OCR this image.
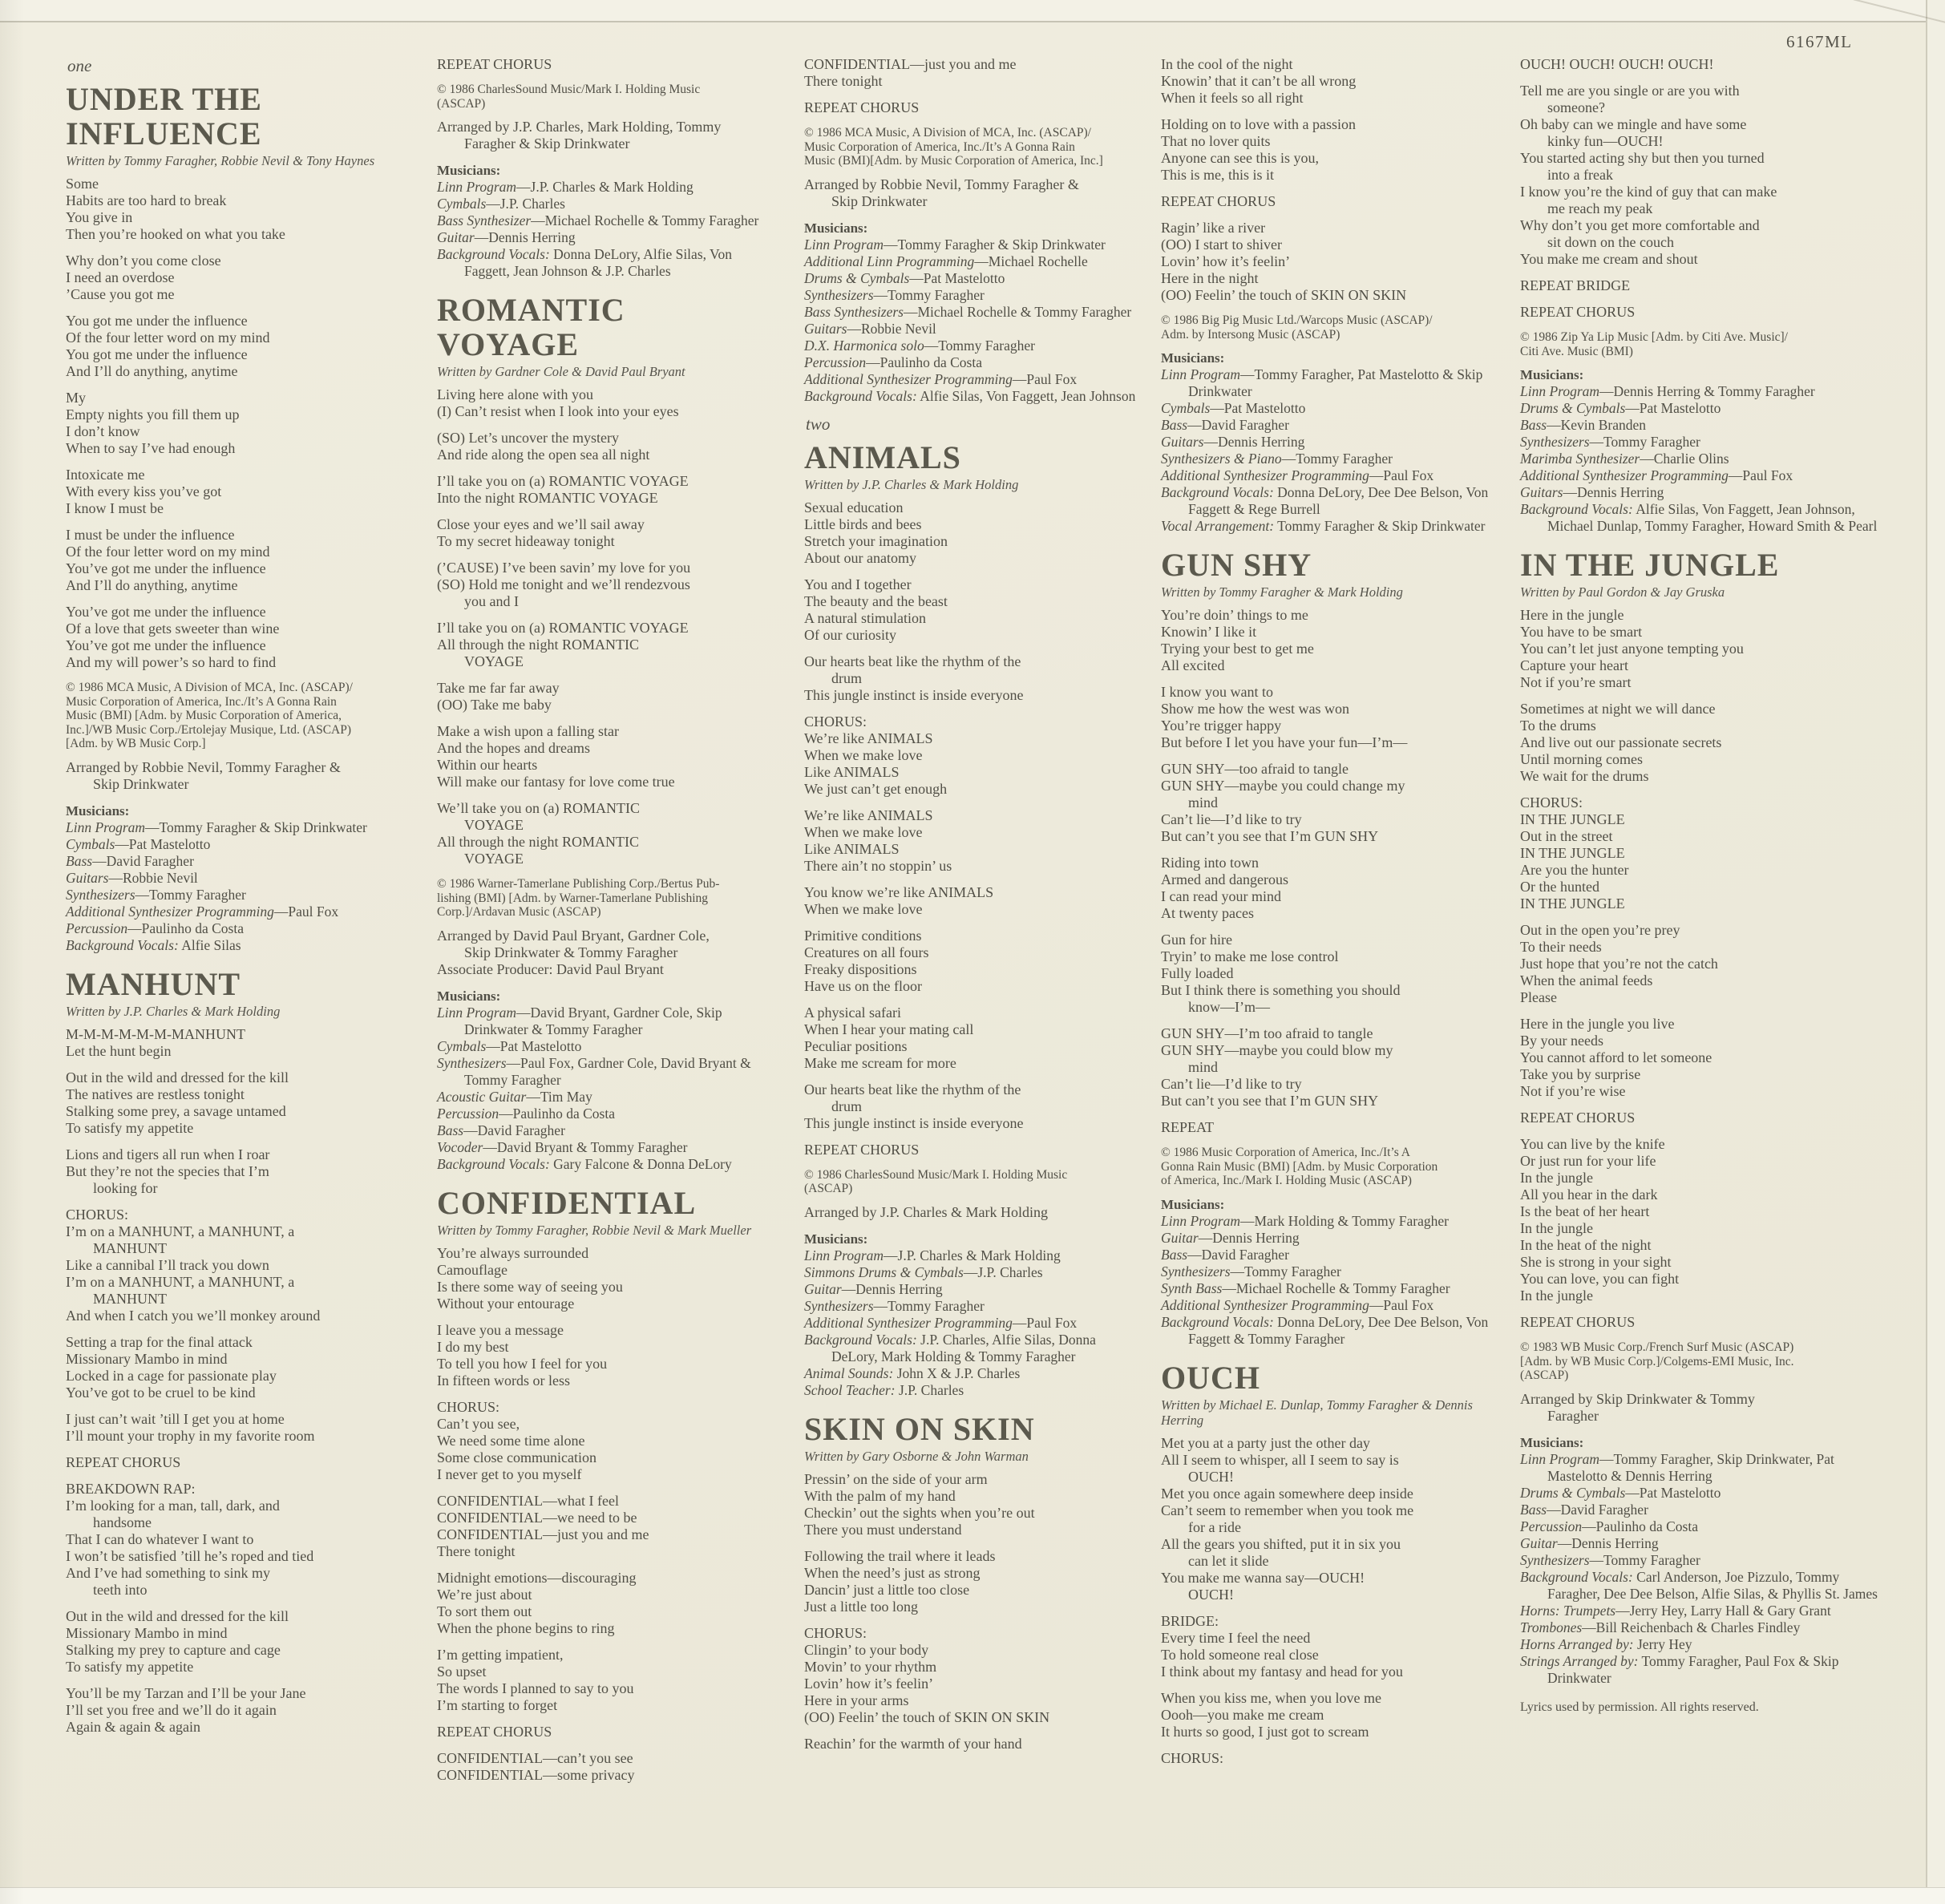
6167ML
one
UNDER THE
INFLUENCE
Written by Tommy Faragher, Robbie Nevil & Tony Haynes
Some
Habits are too hard to break
You give in
Then you’re hooked on what you take
Why don’t you come close
I need an overdose
’Cause you got me
You got me under the influence
Of the four letter word on my mind
You got me under the influence
And I’ll do anything, anytime
My
Empty nights you fill them up
I don’t know
When to say I’ve had enough
Intoxicate me
With every kiss you’ve got
I know I must be
I must be under the influence
Of the four letter word on my mind
You’ve got me under the influence
And I’ll do anything, anytime
You’ve got me under the influence
Of a love that gets sweeter than wine
You’ve got me under the influence
And my will power’s so hard to find
© 1986 MCA Music, A Division of MCA, Inc. (ASCAP)/
Music Corporation of America, Inc./It’s A Gonna Rain
Music (BMI) [Adm. by Music Corporation of America,
Inc.]/WB Music Corp./Ertolejay Musique, Ltd. (ASCAP)
[Adm. by WB Music Corp.]
Arranged by Robbie Nevil, Tommy Faragher &
Skip Drinkwater
Musicians:
Linn Program—Tommy Faragher & Skip Drinkwater
Cymbals—Pat Mastelotto
Bass—David Faragher
Guitars—Robbie Nevil
Synthesizers—Tommy Faragher
Additional Synthesizer Programming—Paul Fox
Percussion—Paulinho da Costa
Background Vocals: Alfie Silas
MANHUNT
Written by J.P. Charles & Mark Holding
M-M-M-M-M-M-MANHUNT
Let the hunt begin
Out in the wild and dressed for the kill
The natives are restless tonight
Stalking some prey, a savage untamed
To satisfy my appetite
Lions and tigers all run when I roar
But they’re not the species that I’m
looking for
CHORUS:
I’m on a MANHUNT, a MANHUNT, a
MANHUNT
Like a cannibal I’ll track you down
I’m on a MANHUNT, a MANHUNT, a
MANHUNT
And when I catch you we’ll monkey around
Setting a trap for the final attack
Missionary Mambo in mind
Locked in a cage for passionate play
You’ve got to be cruel to be kind
I just can’t wait ’till I get you at home
I’ll mount your trophy in my favorite room
REPEAT CHORUS
BREAKDOWN RAP:
I’m looking for a man, tall, dark, and
handsome
That I can do whatever I want to
I won’t be satisfied ’till he’s roped and tied
And I’ve had something to sink my
teeth into
Out in the wild and dressed for the kill
Missionary Mambo in mind
Stalking my prey to capture and cage
To satisfy my appetite
You’ll be my Tarzan and I’ll be your Jane
I’ll set you free and we’ll do it again
Again & again & again
REPEAT CHORUS
© 1986 CharlesSound Music/Mark I. Holding Music
(ASCAP)
Arranged by J.P. Charles, Mark Holding, Tommy
Faragher & Skip Drinkwater
Musicians:
Linn Program—J.P. Charles & Mark Holding
Cymbals—J.P. Charles
Bass Synthesizer—Michael Rochelle & Tommy Faragher
Guitar—Dennis Herring
Background Vocals: Donna DeLory, Alfie Silas, Von Faggett, Jean Johnson & J.P. Charles
ROMANTIC VOYAGE
Written by Gardner Cole & David Paul Bryant
Living here alone with you
(I) Can’t resist when I look into your eyes
(SO) Let’s uncover the mystery
And ride along the open sea all night
I’ll take you on (a) ROMANTIC VOYAGE
Into the night ROMANTIC VOYAGE
Close your eyes and we’ll sail away
To my secret hideaway tonight
(’CAUSE) I’ve been savin’ my love for you
(SO) Hold me tonight and we’ll rendezvous
you and I
I’ll take you on (a) ROMANTIC VOYAGE
All through the night ROMANTIC
VOYAGE
Take me far far away
(OO) Take me baby
Make a wish upon a falling star
And the hopes and dreams
Within our hearts
Will make our fantasy for love come true
We’ll take you on (a) ROMANTIC
VOYAGE
All through the night ROMANTIC
VOYAGE
© 1986 Warner-Tamerlane Publishing Corp./Bertus Pub-
lishing (BMI) [Adm. by Warner-Tamerlane Publishing
Corp.]/Ardavan Music (ASCAP)
Arranged by David Paul Bryant, Gardner Cole,
Skip Drinkwater & Tommy Faragher
Associate Producer: David Paul Bryant
Musicians:
Linn Program—David Bryant, Gardner Cole, Skip Drinkwater & Tommy Faragher
Cymbals—Pat Mastelotto
Synthesizers—Paul Fox, Gardner Cole, David Bryant & Tommy Faragher
Acoustic Guitar—Tim May
Percussion—Paulinho da Costa
Bass—David Faragher
Vocoder—David Bryant & Tommy Faragher
Background Vocals: Gary Falcone & Donna DeLory
CONFIDENTIAL
Written by Tommy Faragher, Robbie Nevil & Mark Mueller
You’re always surrounded
Camouflage
Is there some way of seeing you
Without your entourage
I leave you a message
I do my best
To tell you how I feel for you
In fifteen words or less
CHORUS:
Can’t you see,
We need some time alone
Some close communication
I never get to you myself
CONFIDENTIAL—what I feel
CONFIDENTIAL—we need to be
CONFIDENTIAL—just you and me
There tonight
Midnight emotions—discouraging
We’re just about
To sort them out
When the phone begins to ring
I’m getting impatient,
So upset
The words I planned to say to you
I’m starting to forget
REPEAT CHORUS
CONFIDENTIAL—can’t you see
CONFIDENTIAL—some privacy
CONFIDENTIAL—just you and me
There tonight
REPEAT CHORUS
© 1986 MCA Music, A Division of MCA, Inc. (ASCAP)/
Music Corporation of America, Inc./It’s A Gonna Rain
Music (BMI)[Adm. by Music Corporation of America, Inc.]
Arranged by Robbie Nevil, Tommy Faragher &
Skip Drinkwater
Musicians:
Linn Program—Tommy Faragher & Skip Drinkwater
Additional Linn Programming—Michael Rochelle
Drums & Cymbals—Pat Mastelotto
Synthesizers—Tommy Faragher
Bass Synthesizers—Michael Rochelle & Tommy Faragher
Guitars—Robbie Nevil
D.X. Harmonica solo—Tommy Faragher
Percussion—Paulinho da Costa
Additional Synthesizer Programming—Paul Fox
Background Vocals: Alfie Silas, Von Faggett, Jean Johnson
two
ANIMALS
Written by J.P. Charles & Mark Holding
Sexual education
Little birds and bees
Stretch your imagination
About our anatomy
You and I together
The beauty and the beast
A natural stimulation
Of our curiosity
Our hearts beat like the rhythm of the
drum
This jungle instinct is inside everyone
CHORUS:
We’re like ANIMALS
When we make love
Like ANIMALS
We just can’t get enough
We’re like ANIMALS
When we make love
Like ANIMALS
There ain’t no stoppin’ us
You know we’re like ANIMALS
When we make love
Primitive conditions
Creatures on all fours
Freaky dispositions
Have us on the floor
A physical safari
When I hear your mating call
Peculiar positions
Make me scream for more
Our hearts beat like the rhythm of the
drum
This jungle instinct is inside everyone
REPEAT CHORUS
© 1986 CharlesSound Music/Mark I. Holding Music
(ASCAP)
Arranged by J.P. Charles & Mark Holding
Musicians:
Linn Program—J.P. Charles & Mark Holding
Simmons Drums & Cymbals—J.P. Charles
Guitar—Dennis Herring
Synthesizers—Tommy Faragher
Additional Synthesizer Programming—Paul Fox
Background Vocals: J.P. Charles, Alfie Silas, Donna DeLory, Mark Holding & Tommy Faragher
Animal Sounds: John X & J.P. Charles
School Teacher: J.P. Charles
SKIN ON SKIN
Written by Gary Osborne & John Warman
Pressin’ on the side of your arm
With the palm of my hand
Checkin’ out the sights when you’re out
There you must understand
Following the trail where it leads
When the need’s just as strong
Dancin’ just a little too close
Just a little too long
CHORUS:
Clingin’ to your body
Movin’ to your rhythm
Lovin’ how it’s feelin’
Here in your arms
(OO) Feelin’ the touch of SKIN ON SKIN
Reachin’ for the warmth of your hand
In the cool of the night
Knowin’ that it can’t be all wrong
When it feels so all right
Holding on to love with a passion
That no lover quits
Anyone can see this is you,
This is me, this is it
REPEAT CHORUS
Ragin’ like a river
(OO) I start to shiver
Lovin’ how it’s feelin’
Here in the night
(OO) Feelin’ the touch of SKIN ON SKIN
© 1986 Big Pig Music Ltd./Warcops Music (ASCAP)/
Adm. by Intersong Music (ASCAP)
Musicians:
Linn Program—Tommy Faragher, Pat Mastelotto & Skip Drinkwater
Cymbals—Pat Mastelotto
Bass—David Faragher
Guitars—Dennis Herring
Synthesizers & Piano—Tommy Faragher
Additional Synthesizer Programming—Paul Fox
Background Vocals: Donna DeLory, Dee Dee Belson, Von Faggett & Rege Burrell
Vocal Arrangement: Tommy Faragher & Skip Drinkwater
GUN SHY
Written by Tommy Faragher & Mark Holding
You’re doin’ things to me
Knowin’ I like it
Trying your best to get me
All excited
I know you want to
Show me how the west was won
You’re trigger happy
But before I let you have your fun—I’m—
GUN SHY—too afraid to tangle
GUN SHY—maybe you could change my
mind
Can’t lie—I’d like to try
But can’t you see that I’m GUN SHY
Riding into town
Armed and dangerous
I can read your mind
At twenty paces
Gun for hire
Tryin’ to make me lose control
Fully loaded
But I think there is something you should
know—I’m—
GUN SHY—I’m too afraid to tangle
GUN SHY—maybe you could blow my
mind
Can’t lie—I’d like to try
But can’t you see that I’m GUN SHY
REPEAT
© 1986 Music Corporation of America, Inc./It’s A
Gonna Rain Music (BMI) [Adm. by Music Corporation
of America, Inc./Mark I. Holding Music (ASCAP)
Musicians:
Linn Program—Mark Holding & Tommy Faragher
Guitar—Dennis Herring
Bass—David Faragher
Synthesizers—Tommy Faragher
Synth Bass—Michael Rochelle & Tommy Faragher
Additional Synthesizer Programming—Paul Fox
Background Vocals: Donna DeLory, Dee Dee Belson, Von Faggett & Tommy Faragher
OUCH
Written by Michael E. Dunlap, Tommy Faragher & Dennis Herring
Met you at a party just the other day
All I seem to whisper, all I seem to say is
OUCH!
Met you once again somewhere deep inside
Can’t seem to remember when you took me
for a ride
All the gears you shifted, put it in six you
can let it slide
You make me wanna say—OUCH!
OUCH!
BRIDGE:
Every time I feel the need
To hold someone real close
I think about my fantasy and head for you
When you kiss me, when you love me
Oooh—you make me cream
It hurts so good, I just got to scream
CHORUS:
OUCH! OUCH! OUCH! OUCH!
Tell me are you single or are you with
someone?
Oh baby can we mingle and have some
kinky fun—OUCH!
You started acting shy but then you turned
into a freak
I know you’re the kind of guy that can make
me reach my peak
Why don’t you get more comfortable and
sit down on the couch
You make me cream and shout
REPEAT BRIDGE
REPEAT CHORUS
© 1986 Zip Ya Lip Music [Adm. by Citi Ave. Music]/
Citi Ave. Music (BMI)
Musicians:
Linn Program—Dennis Herring & Tommy Faragher
Drums & Cymbals—Pat Mastelotto
Bass—Kevin Branden
Synthesizers—Tommy Faragher
Marimba Synthesizer—Charlie Olins
Additional Synthesizer Programming—Paul Fox
Guitars—Dennis Herring
Background Vocals: Alfie Silas, Von Faggett, Jean Johnson, Michael Dunlap, Tommy Faragher, Howard Smith & Pearl
IN THE JUNGLE
Written by Paul Gordon & Jay Gruska
Here in the jungle
You have to be smart
You can’t let just anyone tempting you
Capture your heart
Not if you’re smart
Sometimes at night we will dance
To the drums
And live out our passionate secrets
Until morning comes
We wait for the drums
CHORUS:
IN THE JUNGLE
Out in the street
IN THE JUNGLE
Are you the hunter
Or the hunted
IN THE JUNGLE
Out in the open you’re prey
To their needs
Just hope that you’re not the catch
When the animal feeds
Please
Here in the jungle you live
By your needs
You cannot afford to let someone
Take you by surprise
Not if you’re wise
REPEAT CHORUS
You can live by the knife
Or just run for your life
In the jungle
All you hear in the dark
Is the beat of her heart
In the jungle
In the heat of the night
She is strong in your sight
You can love, you can fight
In the jungle
REPEAT CHORUS
© 1983 WB Music Corp./French Surf Music (ASCAP)
[Adm. by WB Music Corp.]/Colgems-EMI Music, Inc.
(ASCAP)
Arranged by Skip Drinkwater & Tommy
Faragher
Musicians:
Linn Program—Tommy Faragher, Skip Drinkwater, Pat Mastelotto & Dennis Herring
Drums & Cymbals—Pat Mastelotto
Bass—David Faragher
Percussion—Paulinho da Costa
Guitar—Dennis Herring
Synthesizers—Tommy Faragher
Background Vocals: Carl Anderson, Joe Pizzulo, Tommy Faragher, Dee Dee Belson, Alfie Silas, & Phyllis St. James
Horns: Trumpets—Jerry Hey, Larry Hall & Gary Grant
Trombones—Bill Reichenbach & Charles Findley
Horns Arranged by: Jerry Hey
Strings Arranged by: Tommy Faragher, Paul Fox & Skip Drinkwater
Lyrics used by permission. All rights reserved.
